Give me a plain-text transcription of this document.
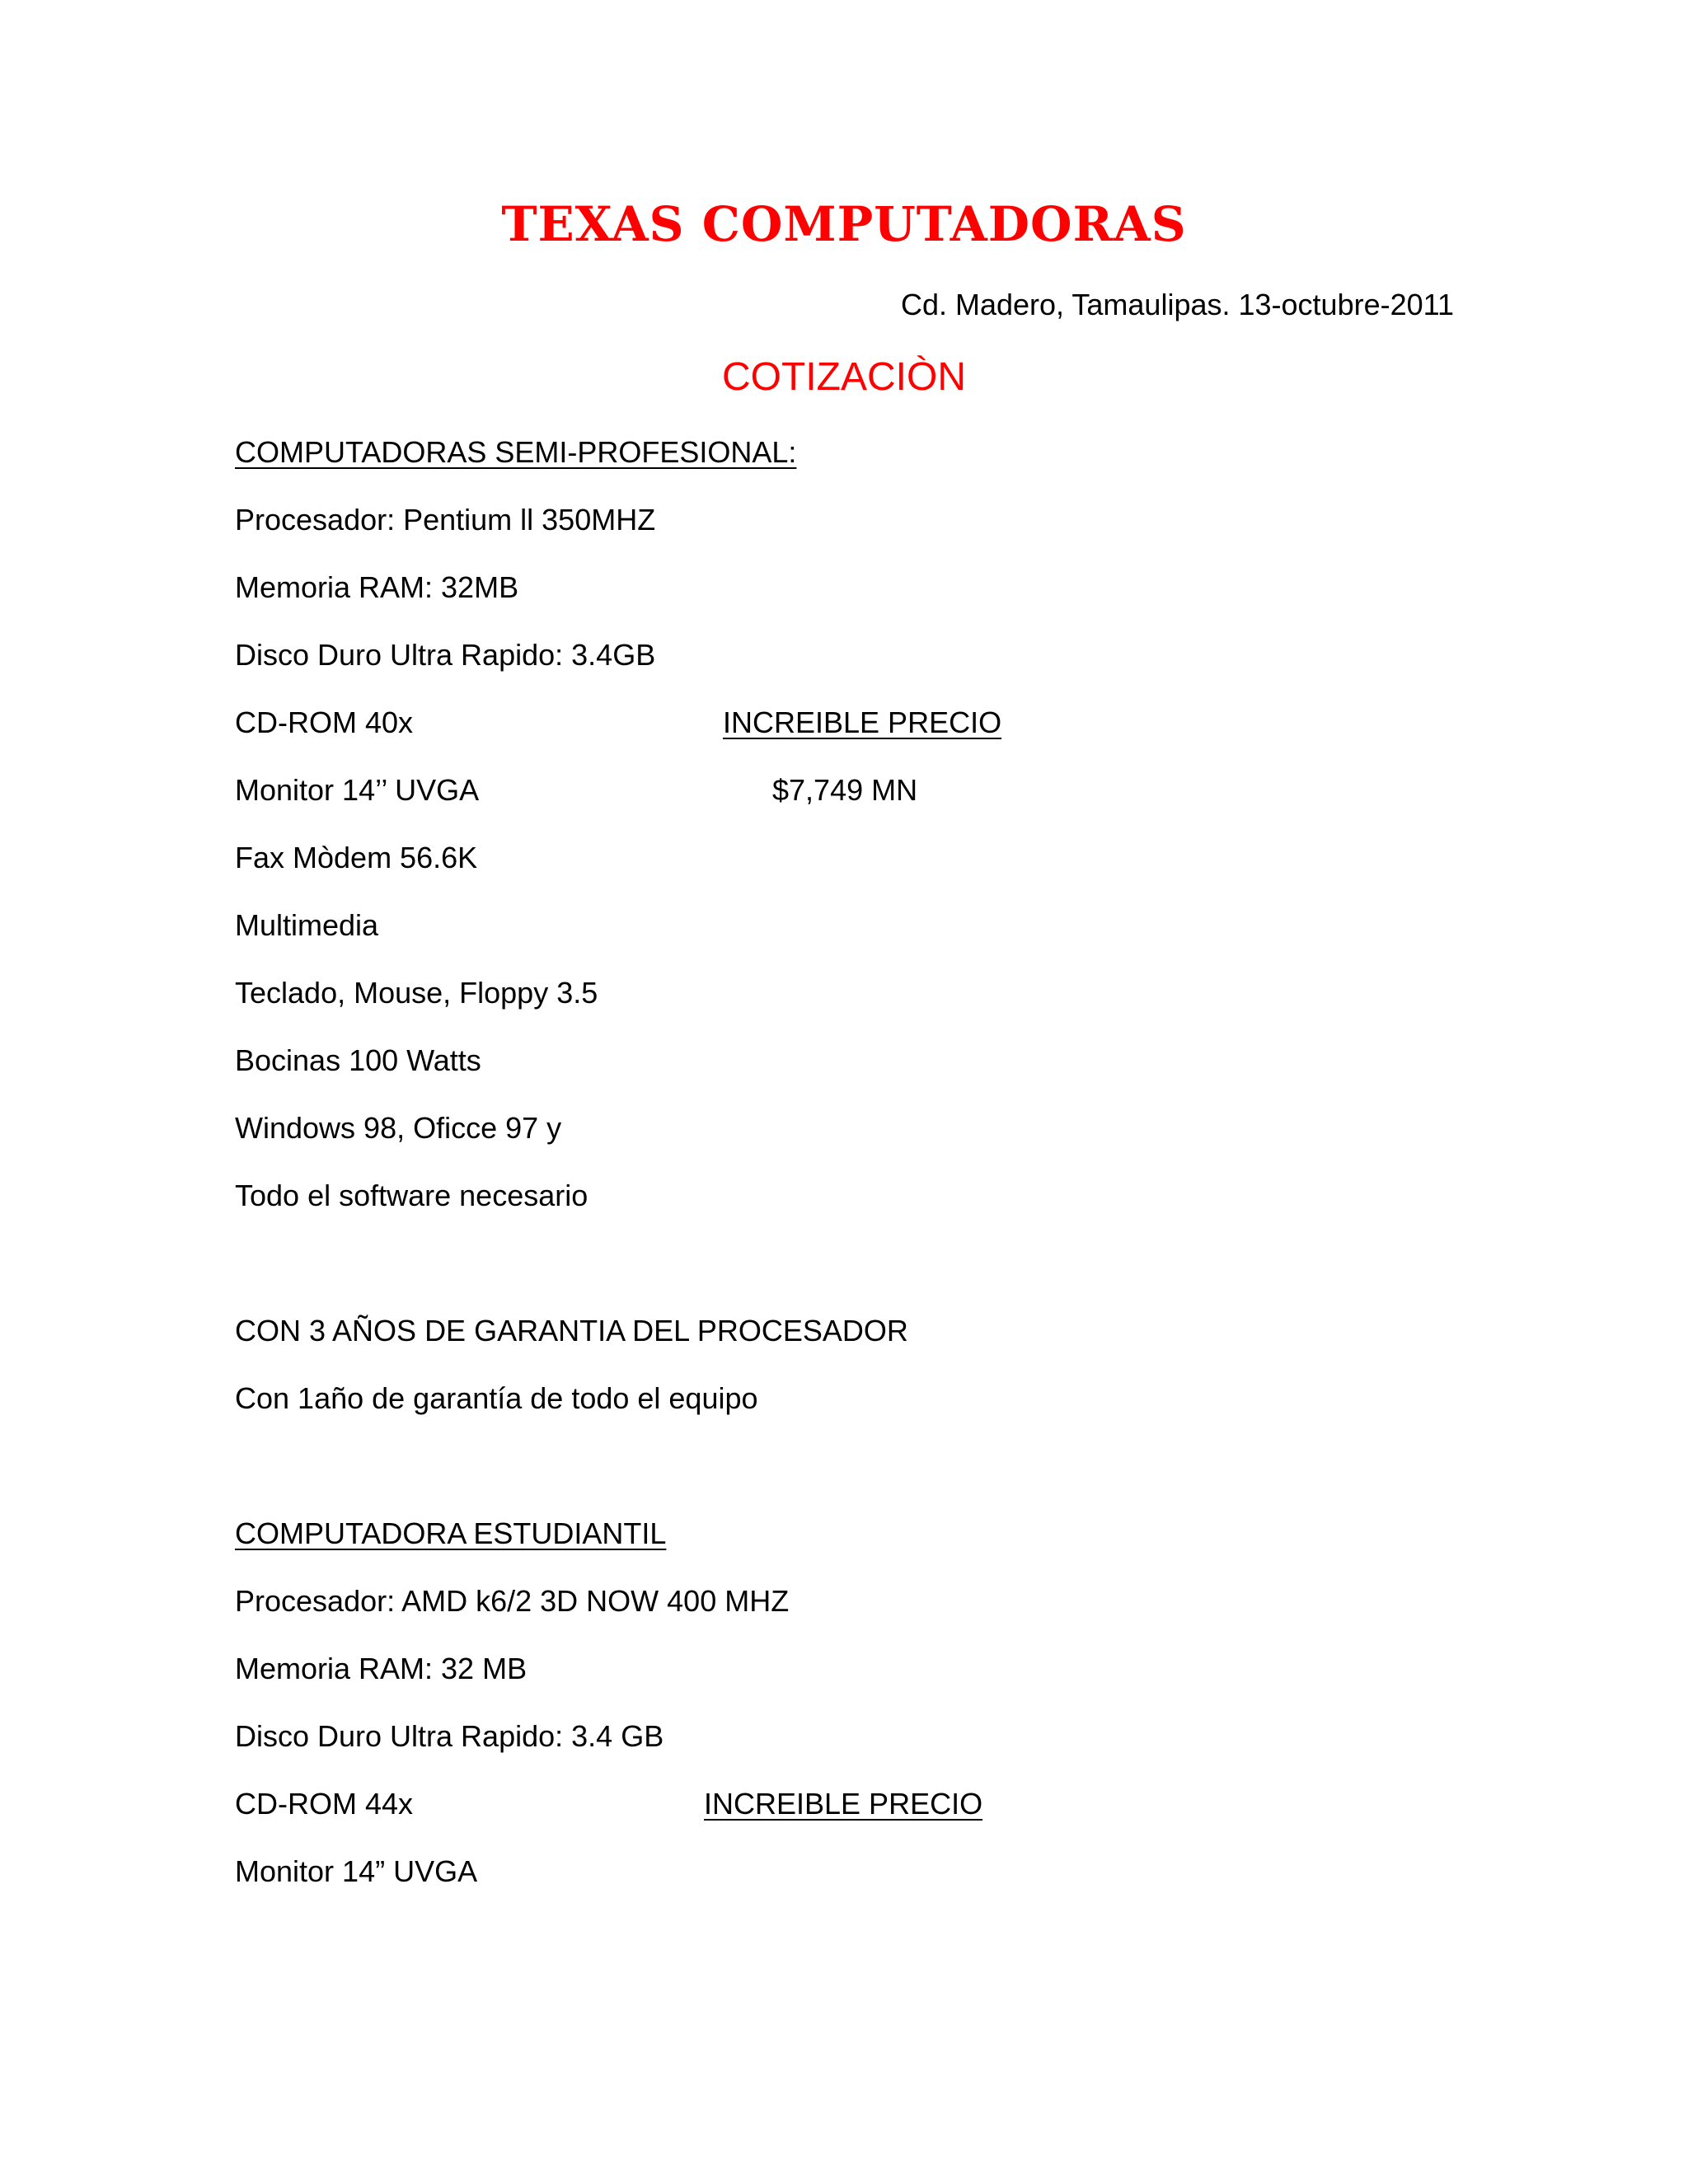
TEXAS COMPUTADORAS
Cd. Madero, Tamaulipas. 13-octubre-2011
COTIZACIÒN
COMPUTADORAS SEMI-PROFESIONAL:
Procesador: Pentium ll 350MHZ
Memoria RAM: 32MB
Disco Duro Ultra Rapido: 3.4GB
CD-ROM 40x
Monitor 14’’ UVGA
Fax Mòdem 56.6K
Multimedia
Teclado, Mouse, Floppy 3.5
Bocinas 100 Watts
Windows 98, Oficce 97 y
Todo el software necesario
INCREIBLE PRECIO
$7,749 MN
CON 3 AÑOS DE GARANTIA DEL PROCESADOR
Con 1año de garantía de todo el equipo
COMPUTADORA ESTUDIANTIL
Procesador: AMD k6/2 3D NOW 400 MHZ
Memoria RAM: 32 MB
Disco Duro Ultra Rapido: 3.4 GB
CD-ROM 44x
Monitor 14” UVGA
INCREIBLE PRECIO
